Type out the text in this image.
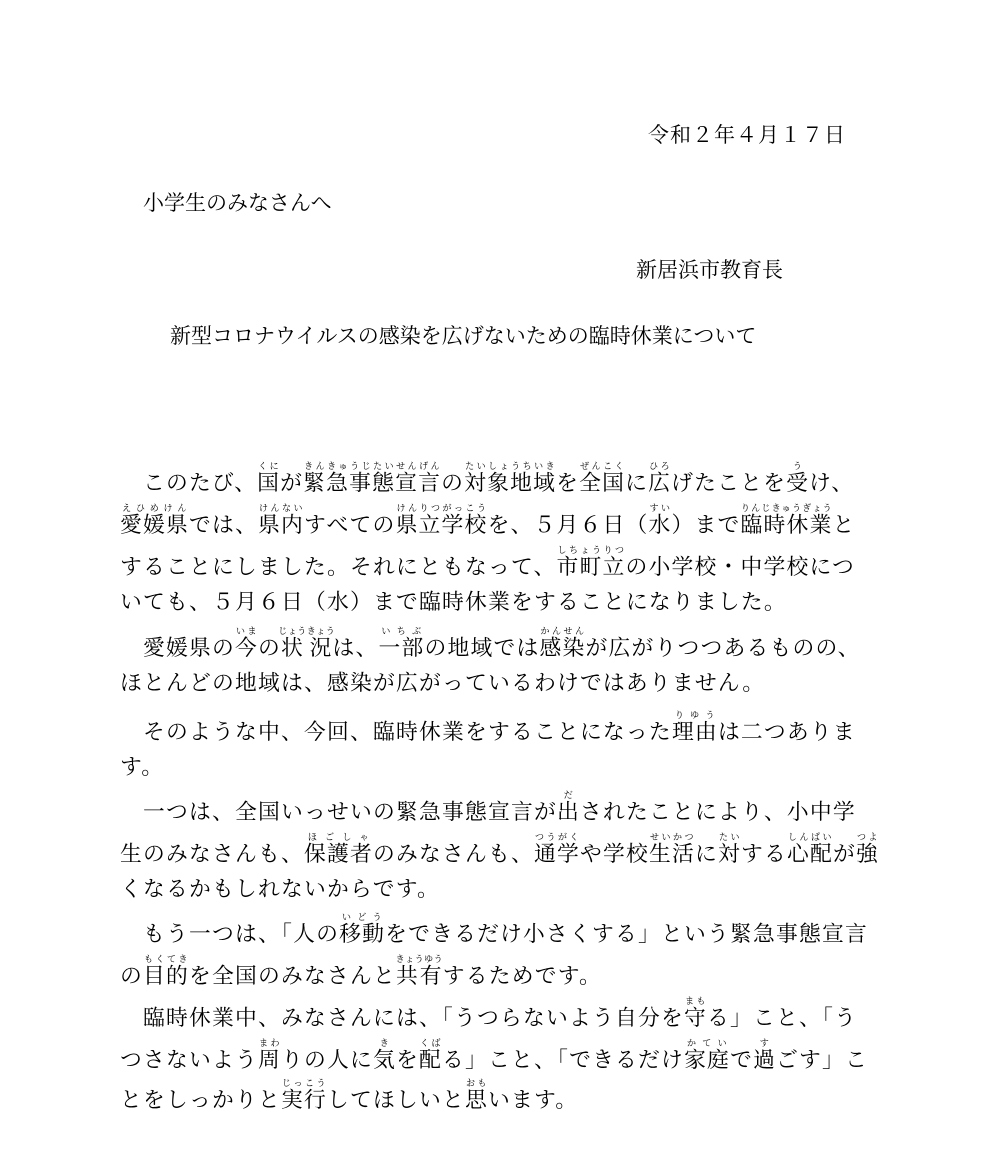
令和２年４月１７日
小学生のみなさんへ
新居浜市教育長
新型コロナウイルスの感染を広げないための臨時休業について
　このたび、国くにが緊急事態宣言きんきゅうじたいせんげんの対象地域たいしょうちいきを全国ぜんこくに広ひろげたことを受うけ、
愛媛県えひめけんでは、県内けんないすべての県立学校けんりつがっこうを、５月６日（水すい）まで臨時休業りんじきゅうぎょうと
することにしました。それにともなって、市町立しちょうりつの小学校・中学校につ
いても、５月６日（水）まで臨時休業をすることになりました。
　愛媛県の今いまの状況じょうきょうは、一部いちぶの地域では感染かんせんが広がりつつあるものの、
ほとんどの地域は、感染が広がっているわけではありません。
　そのような中、今回、臨時休業をすることになった理由りゆうは二つありま
す。
　一つは、全国いっせいの緊急事態宣言が出だされたことにより、小中学
生のみなさんも、保護者ほごしゃのみなさんも、通学つうがくや学校生活せいかつに対たいする心配しんぱいが強つよ
くなるかもしれないからです。
　もう一つは、「人の移動いどうをできるだけ小さくする」という緊急事態宣言
の目的もくてきを全国のみなさんと共有きょうゆうするためです。
　臨時休業中、みなさんには、「うつらないよう自分を守まもる」こと、「う
つさないよう周まわりの人に気きを配くばる」こと、「できるだけ家庭かていで過すごす」こ
とをしっかりと実行じっこうしてほしいと思おもいます。
